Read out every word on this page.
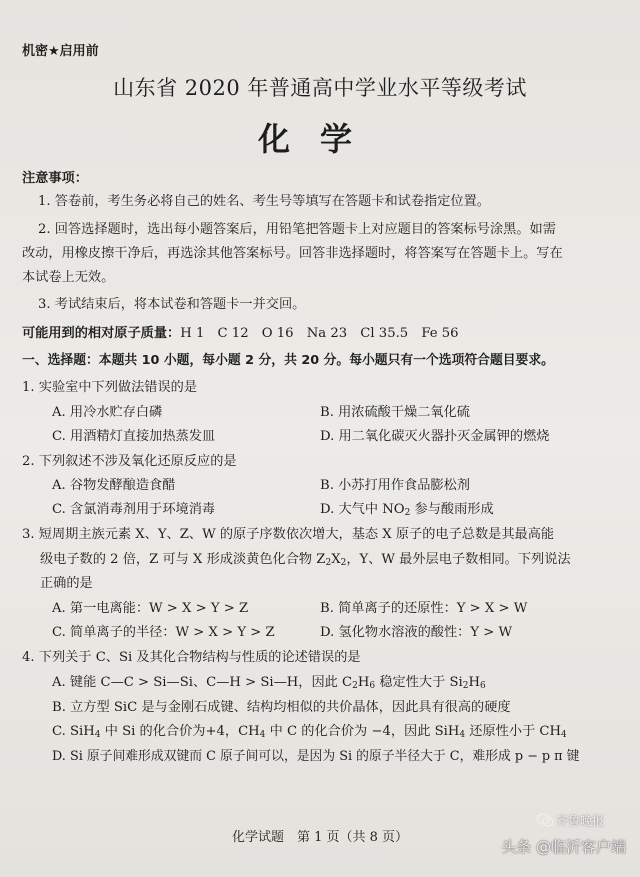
机密★启用前
山东省 2020 年普通高中学业水平等级考试
化学
注意事项：
1. 答卷前，考生务必将自己的姓名、考生号等填写在答题卡和试卷指定位置。
2. 回答选择题时，选出每小题答案后，用铅笔把答题卡上对应题目的答案标号涂黑。如需
改动，用橡皮擦干净后，再选涂其他答案标号。回答非选择题时，将答案写在答题卡上。写在
本试卷上无效。
3. 考试结束后，将本试卷和答题卡一并交回。
可能用到的相对原子质量：H 1　C 12　O 16　Na 23　Cl 35.5　Fe 56
一、选择题：本题共 10 小题，每小题 2 分，共 20 分。每小题只有一个选项符合题目要求。
1. 实验室中下列做法错误的是
A. 用冷水贮存白磷	B. 用浓硫酸干燥二氧化硫
C. 用酒精灯直接加热蒸发皿	D. 用二氧化碳灭火器扑灭金属钾的燃烧
2. 下列叙述不涉及氧化还原反应的是
A. 谷物发酵酿造食醋	B. 小苏打用作食品膨松剂
C. 含氯消毒剂用于环境消毒	D. 大气中 $NO_2$ 参与酸雨形成
3. 短周期主族元素 X、Y、Z、W 的原子序数依次增大，基态 X 原子的电子总数是其最高能
级电子数的 2 倍，Z 可与 X 形成淡黄色化合物 $Z_2X_2$，Y、W 最外层电子数相同。下列说法
正确的是
A. 第一电离能：W > X > Y > Z	B. 简单离子的还原性：Y > X > W
C. 简单离子的半径：W > X > Y > Z	D. 氢化物水溶液的酸性：Y > W
4. 下列关于 C、Si 及其化合物结构与性质的论述错误的是
A. 键能 C—C > Si—Si、C—H > Si—H，因此 $C_2H_6$ 稳定性大于 $Si_2H_6$
B. 立方型 SiC 是与金刚石成键、结构均相似的共价晶体，因此具有很高的硬度
C. SiH$_4$ 中 Si 的化合价为+4，$CH_4$ 中 C 的化合价为 −4，因此 SiH$_4$ 还原性小于 $CH_4$
D. Si 原子间难形成双键而 C 原子间可以，是因为 Si 的原子半径大于 C，难形成 p − p π 键
化学试题　第 1 页（共 8 页）
齐鲁晚报
头条 @临沂客户端
